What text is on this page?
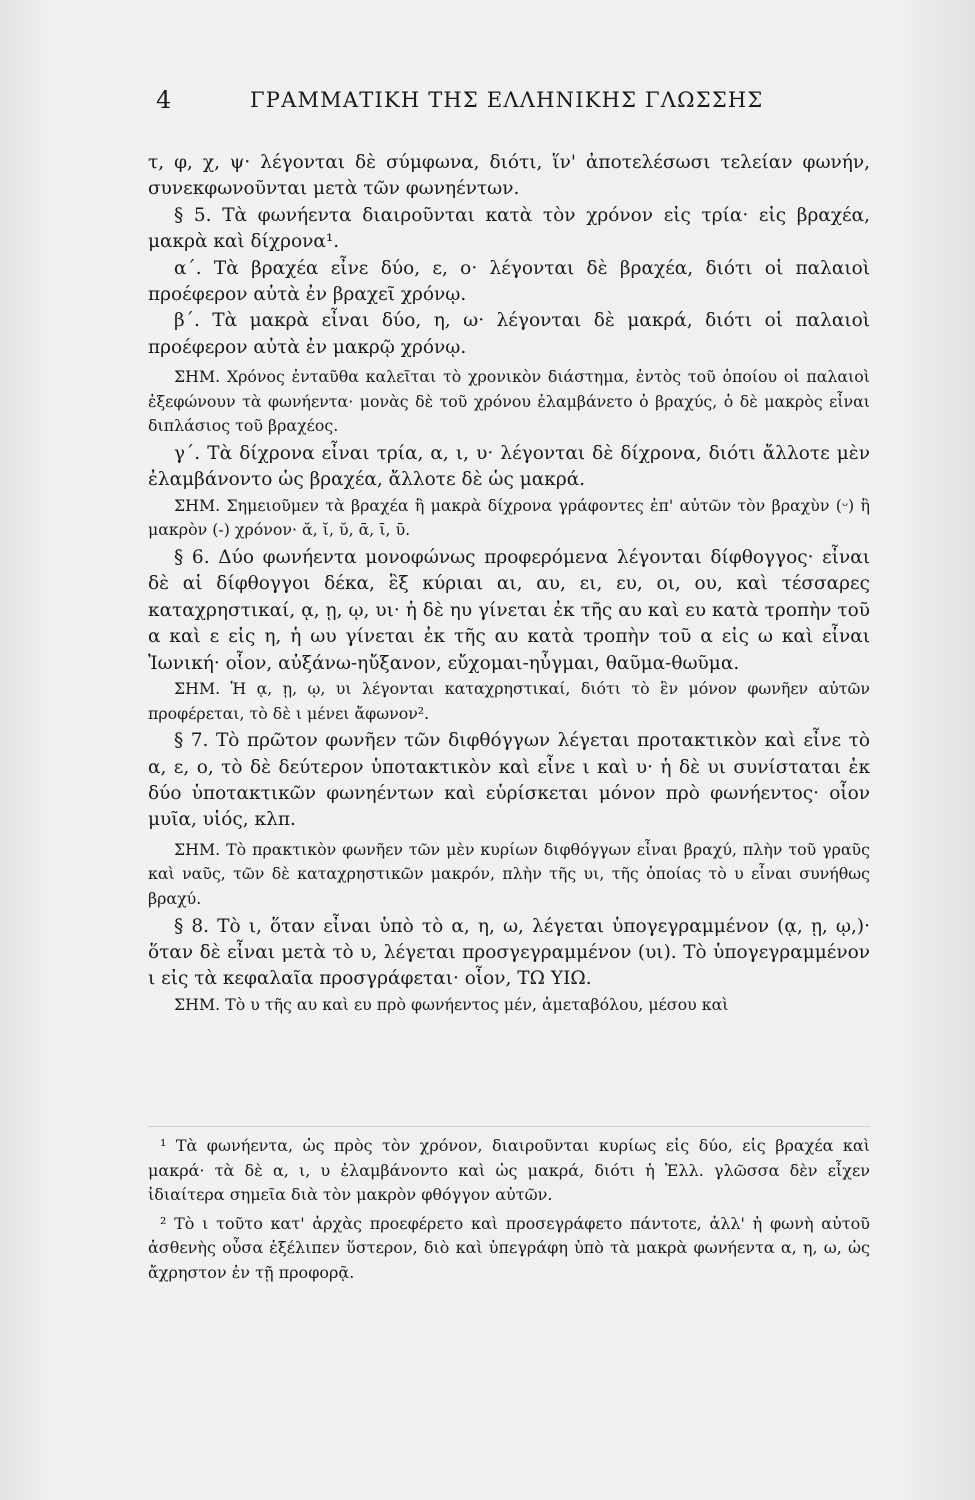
4	ΓΡΑΜΜΑΤΙΚΗ ΤΗΣ ΕΛΛΗΝΙΚΗΣ ΓΛΩΣΣΗΣ

τ, φ, χ, ψ· λέγονται δὲ σύμφωνα, διότι, ἵν' ἀποτελέσωσι τελείαν φωνήν, συνεκφωνοῦνται μετὰ τῶν φωνηέντων.

§ 5. Τὰ φωνήεντα διαιροῦνται κατὰ τὸν χρόνον εἰς τρία· εἰς βραχέα, μακρὰ καὶ δίχρονα¹.

α΄. Τὰ βραχέα εἶνε δύο, ε, ο· λέγονται δὲ βραχέα, διότι οἱ παλαιοὶ προέφερον αὐτὰ ἐν βραχεῖ χρόνῳ.

β΄. Τὰ μακρὰ εἶναι δύο, η, ω· λέγονται δὲ μακρά, διότι οἱ παλαιοὶ προέφερον αὐτὰ ἐν μακρῷ χρόνῳ.

ΣΗΜ. Χρόνος ἐνταῦθα καλεῖται τὸ χρονικὸν διάστημα, ἐντὸς τοῦ ὁποίου οἱ παλαιοὶ ἐξεφώνουν τὰ φωνήεντα· μονὰς δὲ τοῦ χρόνου ἐλαμβάνετο ὁ βραχύς, ὁ δὲ μακρὸς εἶναι διπλάσιος τοῦ βραχέος.

γ΄. Τὰ δίχρονα εἶναι τρία, α, ι, υ· λέγονται δὲ δίχρονα, διότι ἄλλοτε μὲν ἐλαμβάνοντο ὡς βραχέα, ἄλλοτε δὲ ὡς μακρά.

ΣΗΜ. Σημειοῦμεν τὰ βραχέα ἢ μακρὰ δίχρονα γράφοντες ἐπ' αὐτῶν τὸν βραχὺν (ᵕ) ἢ μακρὸν (-) χρόνον· ᾰ, ῐ, ῠ, ᾱ, ῑ, ῡ.

§ 6. Δύο φωνήεντα μονοφώνως προφερόμενα λέγονται δίφθογγος· εἶναι δὲ αἱ δίφθογγοι δέκα, ἓξ κύριαι αι, αυ, ει, ευ, οι, ου, καὶ τέσσαρες καταχρηστικαί, ᾳ, ῃ, ῳ, υι· ἡ δὲ ηυ γίνεται ἐκ τῆς αυ καὶ ευ κατὰ τροπὴν τοῦ α καὶ ε εἰς η, ἡ ωυ γίνεται ἐκ τῆς αυ κατὰ τροπὴν τοῦ α εἰς ω καὶ εἶναι Ἰωνική· οἷον, αὐξάνω-ηὔξανον, εὔχομαι-ηὖγμαι, θαῦμα-θωῦμα.

ΣΗΜ. Ἡ ᾳ, ῃ, ῳ, υι λέγονται καταχρηστικαί, διότι τὸ ἓν μόνον φωνῆεν αὐτῶν προφέρεται, τὸ δὲ ι μένει ἄφωνον².

§ 7. Τὸ πρῶτον φωνῆεν τῶν διφθόγγων λέγεται προτακτικὸν καὶ εἶνε τὸ α, ε, ο, τὸ δὲ δεύτερον ὑποτακτικὸν καὶ εἶνε ι καὶ υ· ἡ δὲ υι συνίσταται ἐκ δύο ὑποτακτικῶν φωνηέντων καὶ εὑρίσκεται μόνον πρὸ φωνήεντος· οἷον μυῖα, υἱός, κλπ.

ΣΗΜ. Τὸ πρακτικὸν φωνῆεν τῶν μὲν κυρίων διφθόγγων εἶναι βραχύ, πλὴν τοῦ γραῦς καὶ ναῦς, τῶν δὲ καταχρηστικῶν μακρόν, πλὴν τῆς υι, τῆς ὁποίας τὸ υ εἶναι συνήθως βραχύ.

§ 8. Τὸ ι, ὅταν εἶναι ὑπὸ τὸ α, η, ω, λέγεται ὑπογεγραμμένον (ᾳ, ῃ, ῳ,)· ὅταν δὲ εἶναι μετὰ τὸ υ, λέγεται προσγεγραμμένον (υι). Τὸ ὑπογεγραμμένον ι εἰς τὰ κεφαλαῖα προσγράφεται· οἷον, ΤΩ ΥΙΩ.

ΣΗΜ. Τὸ υ τῆς αυ καὶ ευ πρὸ φωνήεντος μέν, ἀμεταβόλου, μέσου καὶ

¹ Τὰ φωνήεντα, ὡς πρὸς τὸν χρόνον, διαιροῦνται κυρίως εἰς δύο, εἰς βραχέα καὶ μακρά· τὰ δὲ α, ι, υ ἐλαμβάνοντο καὶ ὡς μακρά, διότι ἡ Ἑλλ. γλῶσσα δὲν εἶχεν ἰδιαίτερα σημεῖα διὰ τὸν μακρὸν φθόγγον αὐτῶν.

² Τὸ ι τοῦτο κατ' ἀρχὰς προεφέρετο καὶ προσεγράφετο πάντοτε, ἀλλ' ἡ φωνὴ αὐτοῦ ἀσθενὴς οὖσα ἐξέλιπεν ὕστερον, διὸ καὶ ὑπεγράφη ὑπὸ τὰ μακρὰ φωνήεντα α, η, ω, ὡς ἄχρηστον ἐν τῇ προφορᾷ.
